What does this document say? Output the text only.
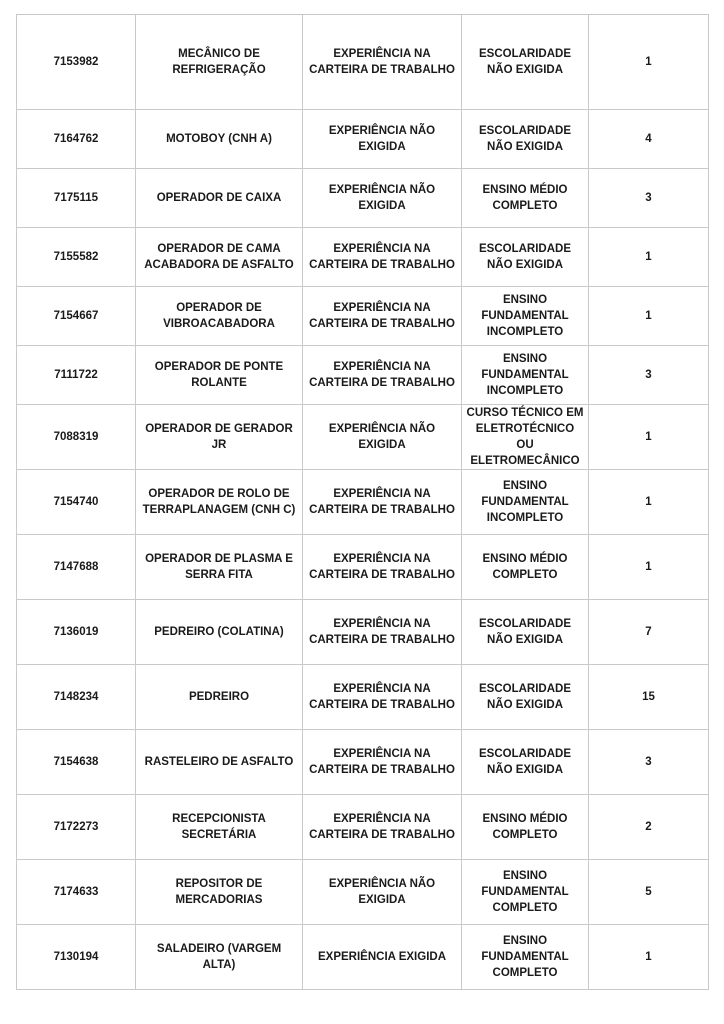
7153982	MECÂNICO DE REFRIGERAÇÃO	EXPERIÊNCIA NA CARTEIRA DE TRABALHO	ESCOLARIDADE NÃO EXIGIDA	1
7164762	MOTOBOY (CNH A)	EXPERIÊNCIA NÃO EXIGIDA	ESCOLARIDADE NÃO EXIGIDA	4
7175115	OPERADOR DE CAIXA	EXPERIÊNCIA NÃO EXIGIDA	ENSINO MÉDIO COMPLETO	3
7155582	OPERADOR DE CAMA ACABADORA DE ASFALTO	EXPERIÊNCIA NA CARTEIRA DE TRABALHO	ESCOLARIDADE NÃO EXIGIDA	1
7154667	OPERADOR DE VIBROACABADORA	EXPERIÊNCIA NA CARTEIRA DE TRABALHO	ENSINO FUNDAMENTAL INCOMPLETO	1
7111722	OPERADOR DE PONTE ROLANTE	EXPERIÊNCIA NA CARTEIRA DE TRABALHO	ENSINO FUNDAMENTAL INCOMPLETO	3
7088319	OPERADOR DE GERADOR JR	EXPERIÊNCIA NÃO EXIGIDA	CURSO TÉCNICO EM ELETROTÉCNICO OU ELETROMECÂNICO	1
7154740	OPERADOR DE ROLO DE TERRAPLANAGEM (CNH C)	EXPERIÊNCIA NA CARTEIRA DE TRABALHO	ENSINO FUNDAMENTAL INCOMPLETO	1
7147688	OPERADOR DE PLASMA E SERRA FITA	EXPERIÊNCIA NA CARTEIRA DE TRABALHO	ENSINO MÉDIO COMPLETO	1
7136019	PEDREIRO (COLATINA)	EXPERIÊNCIA NA CARTEIRA DE TRABALHO	ESCOLARIDADE NÃO EXIGIDA	7
7148234	PEDREIRO	EXPERIÊNCIA NA CARTEIRA DE TRABALHO	ESCOLARIDADE NÃO EXIGIDA	15
7154638	RASTELEIRO DE ASFALTO	EXPERIÊNCIA NA CARTEIRA DE TRABALHO	ESCOLARIDADE NÃO EXIGIDA	3
7172273	RECEPCIONISTA SECRETÁRIA	EXPERIÊNCIA NA CARTEIRA DE TRABALHO	ENSINO MÉDIO COMPLETO	2
7174633	REPOSITOR DE MERCADORIAS	EXPERIÊNCIA NÃO EXIGIDA	ENSINO FUNDAMENTAL COMPLETO	5
7130194	SALADEIRO (VARGEM ALTA)	EXPERIÊNCIA EXIGIDA	ENSINO FUNDAMENTAL COMPLETO	1
